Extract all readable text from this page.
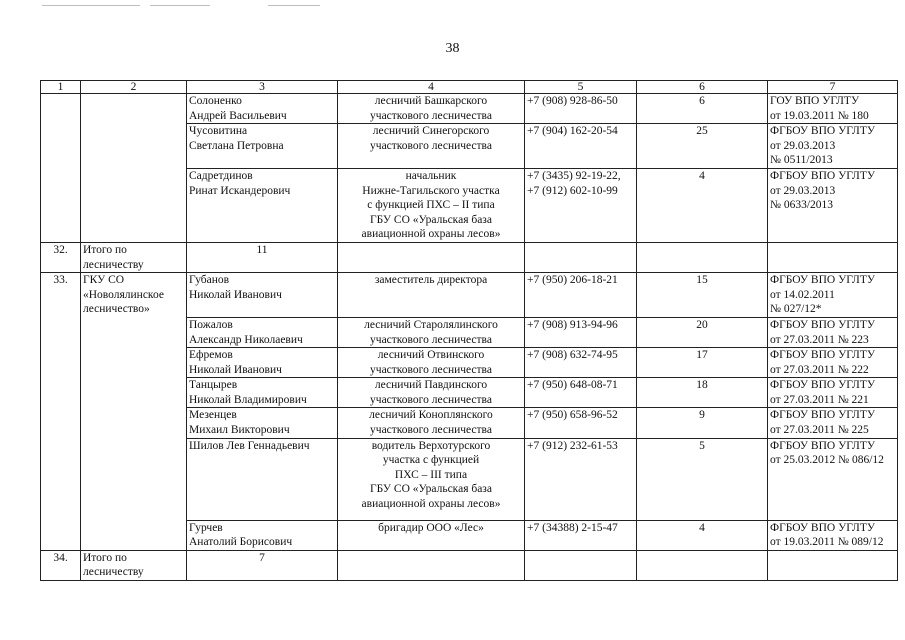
38
1	2	3	4	5	6	7

		Солоненко
Андрей Васильевич	лесничий Башкарского
участкового лесничества	+7 (908) 928-86-50	6	ГОУ ВПО УГЛТУ
от 19.03.2011 № 180

		Чусовитина
Светлана Петровна	лесничий Синегорского
участкового лесничества	+7 (904) 162-20-54	25	ФГБОУ ВПО УГЛТУ
от 29.03.2013
№ 0511/2013

		Садретдинов
Ринат Искандерович	начальник
Нижне-Тагильского участка
с функцией ПХС – II типа
ГБУ СО «Уральская база
авиационной охраны лесов»	+7 (3435) 92-19-22,
+7 (912) 602-10-99	4	ФГБОУ ВПО УГЛТУ
от 29.03.2013
№ 0633/2013

32.	Итого по
лесничеству	11				
33.	ГКУ СО
«Новолялинское
лесничество»	Губанов
Николай Иванович	заместитель директора	+7 (950) 206-18-21	15	ФГБОУ ВПО УГЛТУ
от 14.02.2011
№ 027/12*

		Пожалов
Александр Николаевич	лесничий Старолялинского
участкового лесничества	+7 (908) 913-94-96	20	ФГБОУ ВПО УГЛТУ
от 27.03.2011 № 223

		Ефремов
Николай Иванович	лесничий Отвинского
участкового лесничества	+7 (908) 632-74-95	17	ФГБОУ ВПО УГЛТУ
от 27.03.2011 № 222

		Танцырев
Николай Владимирович	лесничий Павдинского
участкового лесничества	+7 (950) 648-08-71	18	ФГБОУ ВПО УГЛТУ
от 27.03.2011 № 221

		Мезенцев
Михаил Викторович	лесничий Коноплянского
участкового лесничества	+7 (950) 658-96-52	9	ФГБОУ ВПО УГЛТУ
от 27.03.2011 № 225

		Шилов Лев Геннадьевич	водитель Верхотурского
участка с функцией
ПХС – III типа
ГБУ СО «Уральская база
авиационной охраны лесов»	+7 (912) 232-61-53	5	ФГБОУ ВПО УГЛТУ
от 25.03.2012 № 086/12

		Гурчев
Анатолий Борисович	бригадир ООО «Лес»	+7 (34388) 2-15-47	4	ФГБОУ ВПО УГЛТУ
от 19.03.2011 № 089/12

34.	Итого по
лесничеству	7				
